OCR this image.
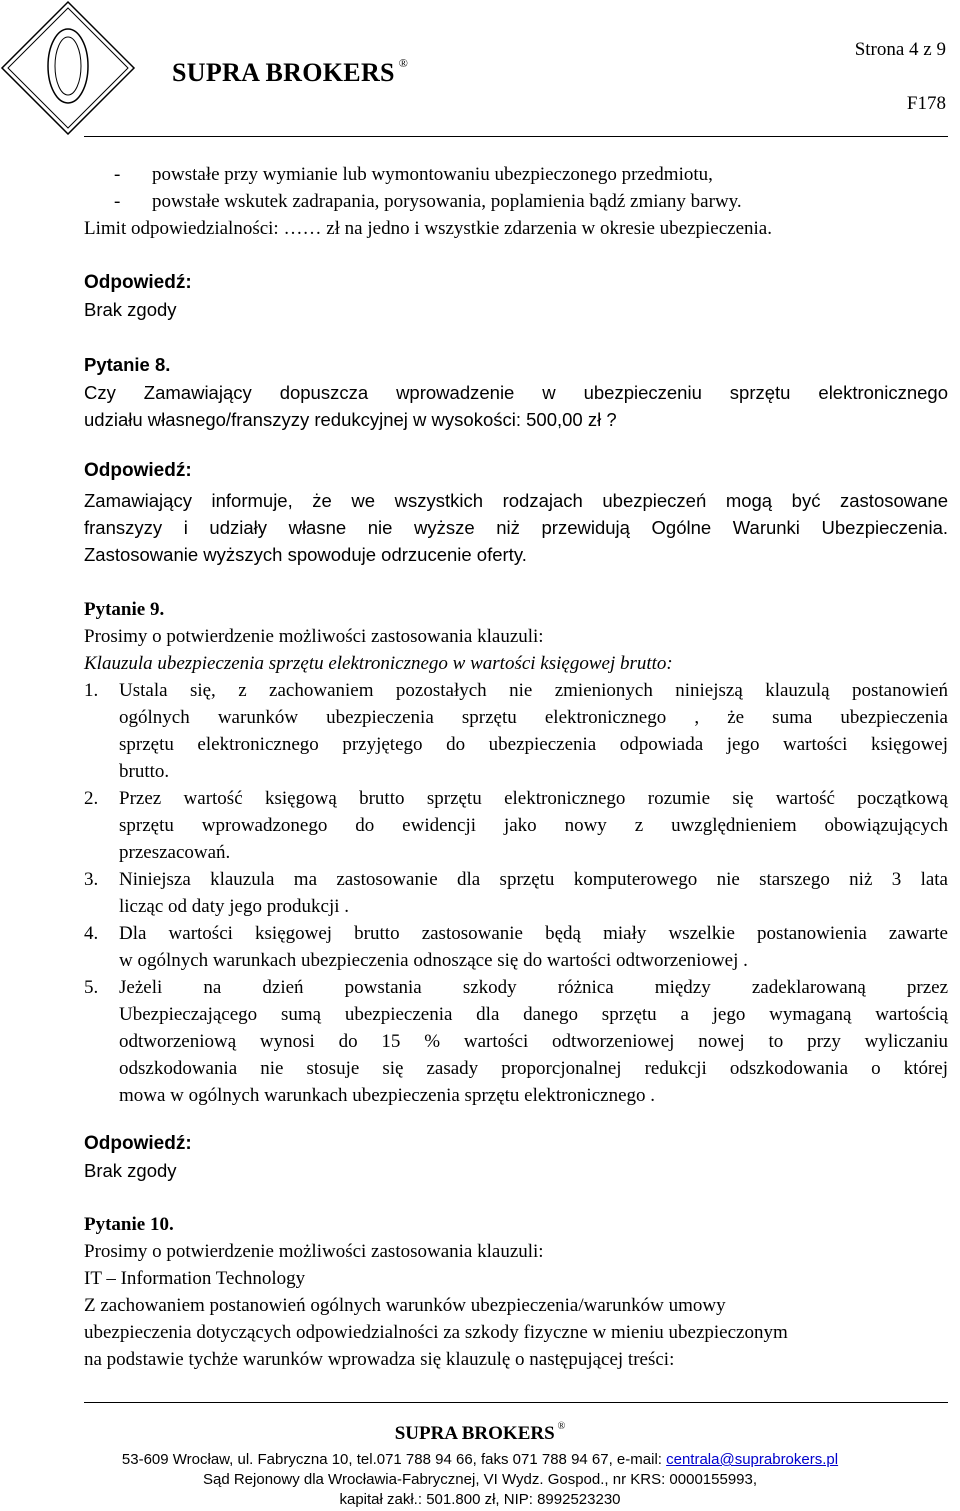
SUPRA BROKERS ®
Strona 4 z 9
F178
-	powstałe przy wymianie lub wymontowaniu ubezpieczonego przedmiotu,
-	powstałe wskutek zadrapania, porysowania, poplamienia bądź zmiany barwy.
Limit odpowiedzialności: …… zł na jedno i wszystkie zdarzenia w okresie ubezpieczenia.
Odpowiedź:
Brak zgody
Pytanie 8.
Czy Zamawiający dopuszcza wprowadzenie w ubezpieczeniu sprzętu elektronicznego
udziału własnego/franszyzy redukcyjnej w wysokości: 500,00 zł ?
Odpowiedź:
Zamawiający informuje, że we wszystkich rodzajach ubezpieczeń mogą być zastosowane
franszyzy i udziały własne nie wyższe niż przewidują Ogólne Warunki Ubezpieczenia.
Zastosowanie wyższych spowoduje odrzucenie oferty.
Pytanie 9.
Prosimy o potwierdzenie możliwości zastosowania klauzuli:
Klauzula ubezpieczenia sprzętu elektronicznego w wartości księgowej brutto:
1. Ustala się, z zachowaniem pozostałych nie zmienionych niniejszą klauzulą postanowień
ogólnych warunków ubezpieczenia sprzętu elektronicznego , że suma ubezpieczenia
sprzętu elektronicznego przyjętego do ubezpieczenia odpowiada jego wartości księgowej
brutto.
2. Przez wartość księgową brutto sprzętu elektronicznego rozumie się wartość początkową
sprzętu wprowadzonego do ewidencji jako nowy z uwzględnieniem obowiązujących
przeszacowań.
3. Niniejsza klauzula ma zastosowanie dla sprzętu komputerowego nie starszego niż 3 lata
licząc od daty jego produkcji .
4. Dla wartości księgowej brutto zastosowanie będą miały wszelkie postanowienia zawarte
w ogólnych warunkach ubezpieczenia odnoszące się do wartości odtworzeniowej .
5. Jeżeli na dzień powstania szkody różnica między zadeklarowaną przez
Ubezpieczającego sumą ubezpieczenia dla danego sprzętu a jego wymaganą wartością
odtworzeniową wynosi do 15 % wartości odtworzeniowej nowej to przy wyliczaniu
odszkodowania nie stosuje się zasady proporcjonalnej redukcji odszkodowania o której
mowa w ogólnych warunkach ubezpieczenia sprzętu elektronicznego .
Odpowiedź:
Brak zgody
Pytanie 10.
Prosimy o potwierdzenie możliwości zastosowania klauzuli:
IT – Information Technology
Z zachowaniem postanowień ogólnych warunków ubezpieczenia/warunków umowy
ubezpieczenia dotyczących odpowiedzialności za szkody fizyczne w mieniu ubezpieczonym
na podstawie tychże warunków wprowadza się klauzulę o następującej treści:
SUPRA BROKERS ®
53-609 Wrocław, ul. Fabryczna 10, tel.071 788 94 66, faks 071 788 94 67, e-mail: centrala@suprabrokers.pl
Sąd Rejonowy dla Wrocławia-Fabrycznej, VI Wydz. Gospod., nr KRS: 0000155993,
kapitał zakł.: 501.800 zł, NIP: 8992523230
